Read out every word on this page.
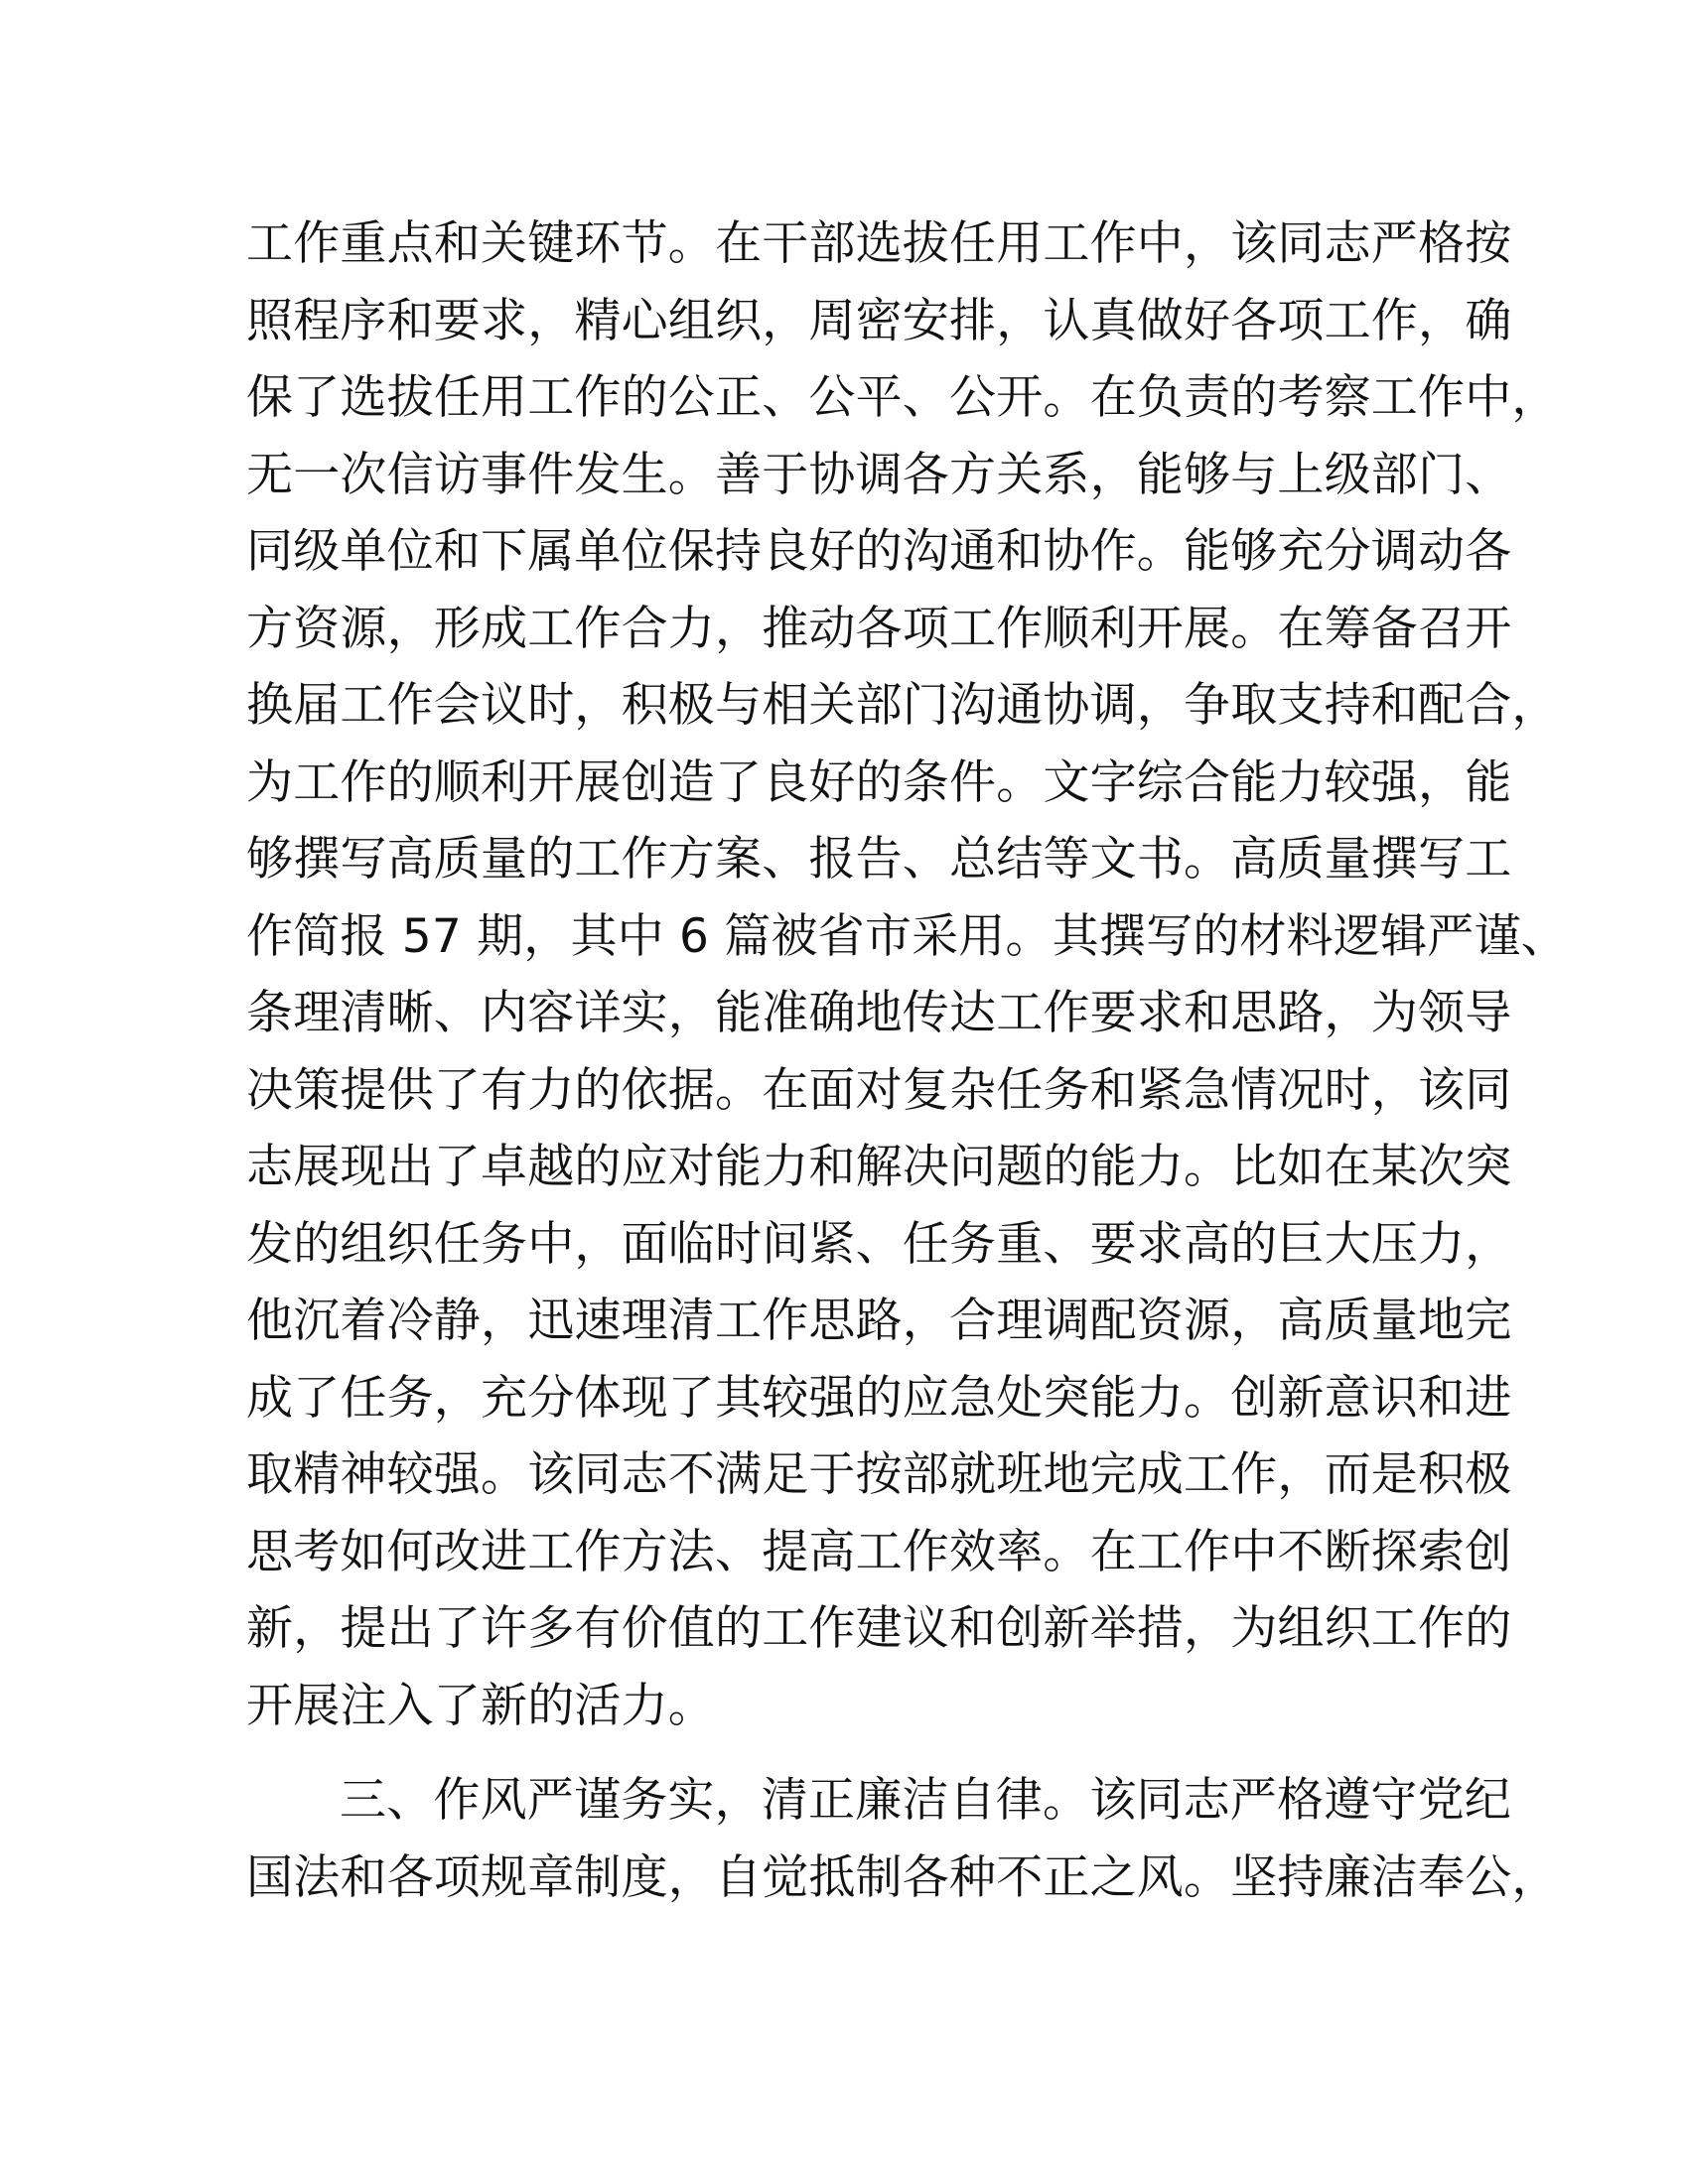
工作重点和关键环节。在干部选拔任用工作中，该同志严格按
照程序和要求，精心组织，周密安排，认真做好各项工作，确
保了选拔任用工作的公正、公平、公开。在负责的考察工作中，
无一次信访事件发生。善于协调各方关系，能够与上级部门、
同级单位和下属单位保持良好的沟通和协作。能够充分调动各
方资源，形成工作合力，推动各项工作顺利开展。在筹备召开
换届工作会议时，积极与相关部门沟通协调，争取支持和配合，
为工作的顺利开展创造了良好的条件。文字综合能力较强，能
够撰写高质量的工作方案、报告、总结等文书。高质量撰写工
作简报 57 期，其中 6 篇被省市采用。其撰写的材料逻辑严谨、
条理清晰、内容详实，能准确地传达工作要求和思路，为领导
决策提供了有力的依据。在面对复杂任务和紧急情况时，该同
志展现出了卓越的应对能力和解决问题的能力。比如在某次突
发的组织任务中，面临时间紧、任务重、要求高的巨大压力，
他沉着冷静，迅速理清工作思路，合理调配资源，高质量地完
成了任务，充分体现了其较强的应急处突能力。创新意识和进
取精神较强。该同志不满足于按部就班地完成工作，而是积极
思考如何改进工作方法、提高工作效率。在工作中不断探索创
新，提出了许多有价值的工作建议和创新举措，为组织工作的
开展注入了新的活力。
三、作风严谨务实，清正廉洁自律。该同志严格遵守党纪
国法和各项规章制度，自觉抵制各种不正之风。坚持廉洁奉公，
